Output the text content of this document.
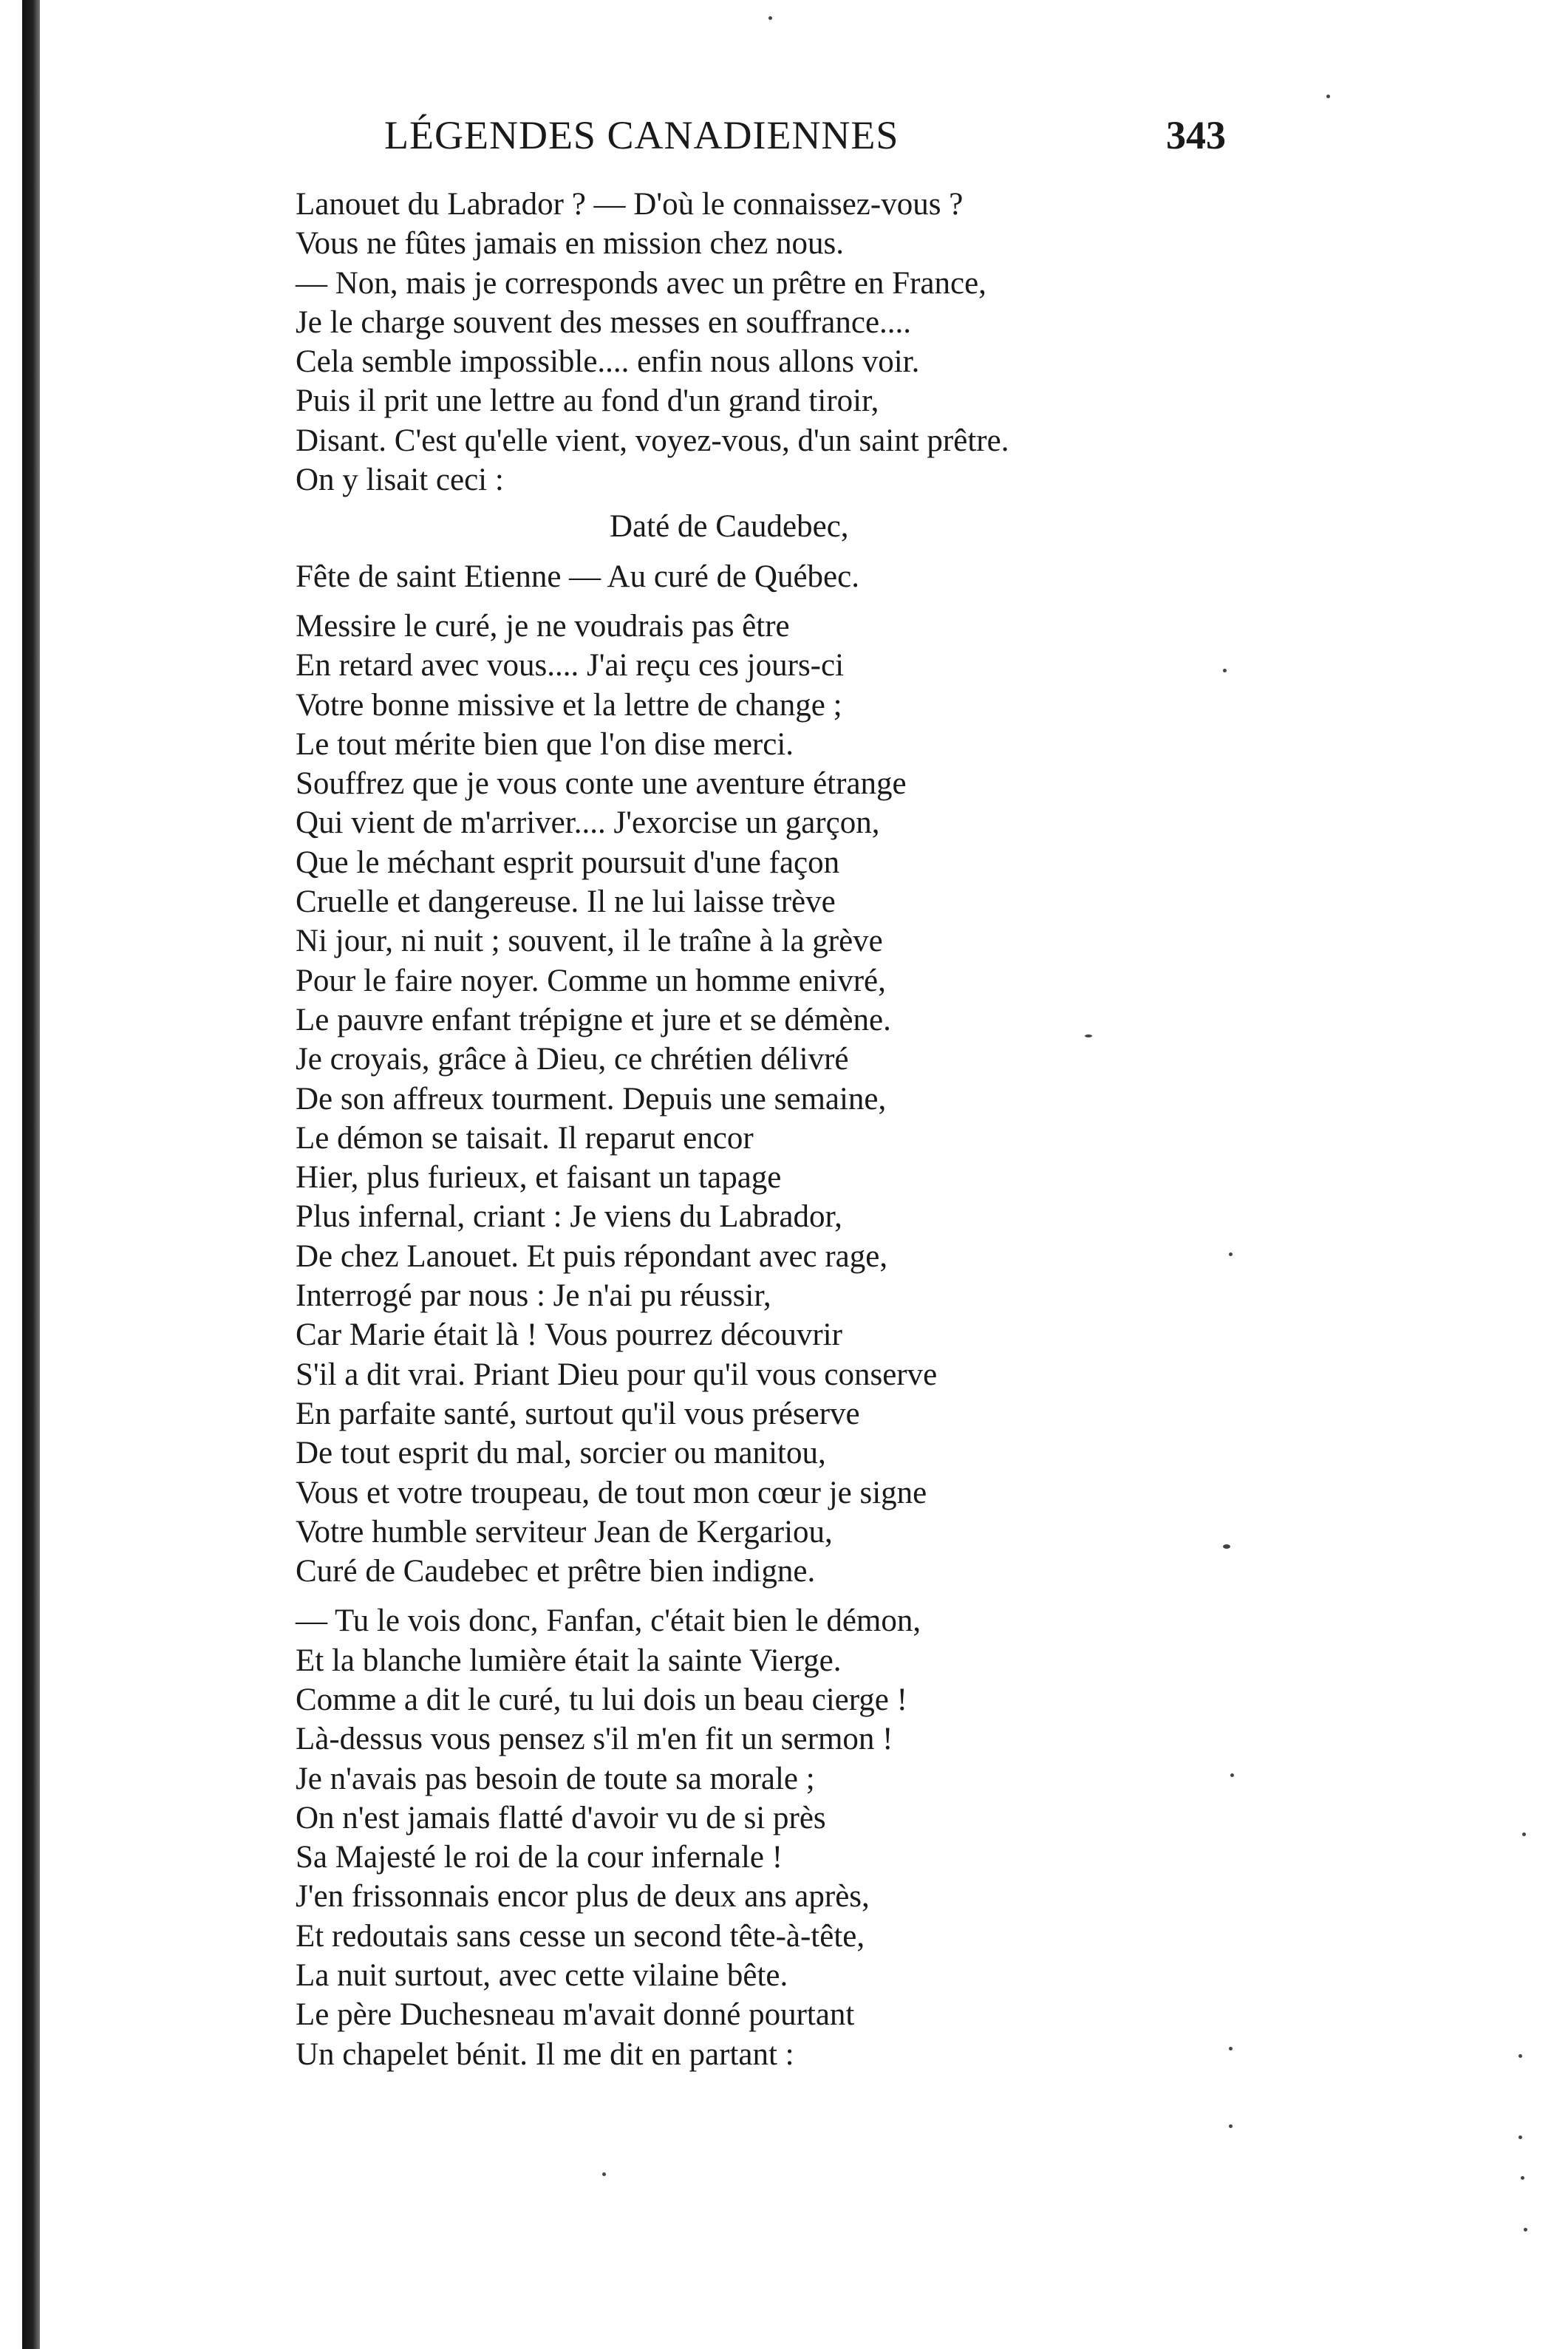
LÉGENDES CANADIENNES	343
Lanouet du Labrador ? — D'où le connaissez-vous ?
Vous ne fûtes jamais en mission chez nous.
— Non, mais je corresponds avec un prêtre en France,
Je le charge souvent des messes en souffrance....
Cela semble impossible.... enfin nous allons voir.
Puis il prit une lettre au fond d'un grand tiroir,
Disant. C'est qu'elle vient, voyez-vous, d'un saint prêtre.
On y lisait ceci :
Daté de Caudebec,
Fête de saint Etienne — Au curé de Québec.
Messire le curé, je ne voudrais pas être
En retard avec vous.... J'ai reçu ces jours-ci
Votre bonne missive et la lettre de change ;
Le tout mérite bien que l'on dise merci.
Souffrez que je vous conte une aventure étrange
Qui vient de m'arriver.... J'exorcise un garçon,
Que le méchant esprit poursuit d'une façon
Cruelle et dangereuse. Il ne lui laisse trève
Ni jour, ni nuit ; souvent, il le traîne à la grève
Pour le faire noyer. Comme un homme enivré,
Le pauvre enfant trépigne et jure et se démène.
Je croyais, grâce à Dieu, ce chrétien délivré
De son affreux tourment. Depuis une semaine,
Le démon se taisait. Il reparut encor
Hier, plus furieux, et faisant un tapage
Plus infernal, criant : Je viens du Labrador,
De chez Lanouet. Et puis répondant avec rage,
Interrogé par nous : Je n'ai pu réussir,
Car Marie était là ! Vous pourrez découvrir
S'il a dit vrai. Priant Dieu pour qu'il vous conserve
En parfaite santé, surtout qu'il vous préserve
De tout esprit du mal, sorcier ou manitou,
Vous et votre troupeau, de tout mon cœur je signe
Votre humble serviteur Jean de Kergariou,
Curé de Caudebec et prêtre bien indigne.
— Tu le vois donc, Fanfan, c'était bien le démon,
Et la blanche lumière était la sainte Vierge.
Comme a dit le curé, tu lui dois un beau cierge !
Là-dessus vous pensez s'il m'en fit un sermon !
Je n'avais pas besoin de toute sa morale ;
On n'est jamais flatté d'avoir vu de si près
Sa Majesté le roi de la cour infernale !
J'en frissonnais encor plus de deux ans après,
Et redoutais sans cesse un second tête-à-tête,
La nuit surtout, avec cette vilaine bête.
Le père Duchesneau m'avait donné pourtant
Un chapelet bénit. Il me dit en partant :
